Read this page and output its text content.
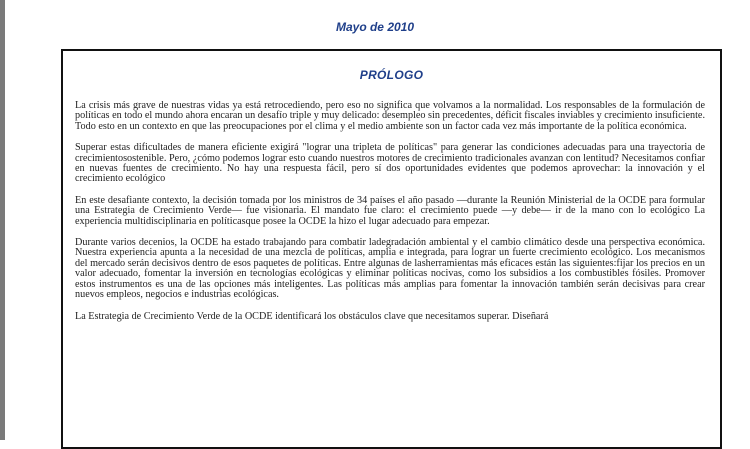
Mayo de 2010
PRÓLOGO

La crisis más grave de nuestras vidas ya está retrocediendo, pero eso no significa que volvamos a la normalidad. Los responsables de la formulación de políticas en todo el mundo ahora encaran un desafío triple y muy delicado: desempleo sin precedentes, déficit fiscales inviables y crecimiento insuficiente. Todo esto en un contexto en que las preocupaciones por el clima y el medio ambiente son un factor cada vez más importante de la política económica.

Superar estas dificultades de manera eficiente exigirá "lograr una tripleta de políticas" para generar las condiciones adecuadas para una trayectoria de crecimientosostenible. Pero, ¿cómo podemos lograr esto cuando nuestros motores de crecimiento tradicionales avanzan con lentitud? Necesitamos confiar en nuevas fuentes de crecimiento. No hay una respuesta fácil, pero sí dos oportunidades evidentes que podemos aprovechar: la innovación y el crecimiento ecológico

En este desafiante contexto, la decisión tomada por los ministros de 34 países el año pasado —durante la Reunión Ministerial de la OCDE para formular una Estrategia de Crecimiento Verde— fue visionaria. El mandato fue claro: el crecimiento puede —y debe— ir de la mano con lo ecológico La experiencia multidisciplinaria en políticasque posee la OCDE la hizo el lugar adecuado para empezar.

Durante varios decenios, la OCDE ha estado trabajando para combatir ladegradación ambiental y el cambio climático desde una perspectiva económica. Nuestra experiencia apunta a la necesidad de una mezcla de políticas, amplia e integrada, para lograr un fuerte crecimiento ecológico. Los mecanismos del mercado serán decisivos dentro de esos paquetes de políticas. Entre algunas de lasherramientas más eficaces están las siguientes:fijar los precios en un valor adecuado, fomentar la inversión en tecnologías ecológicas y eliminar políticas nocivas, como los subsidios a los combustibles fósiles. Promover estos instrumentos es una de las opciones más inteligentes. Las políticas más amplias para fomentar la innovación también serán decisivas para crear nuevos empleos, negocios e industrias ecológicas.

La Estrategia de Crecimiento Verde de la OCDE identificará los obstáculos clave que necesitamos superar. Diseñará
